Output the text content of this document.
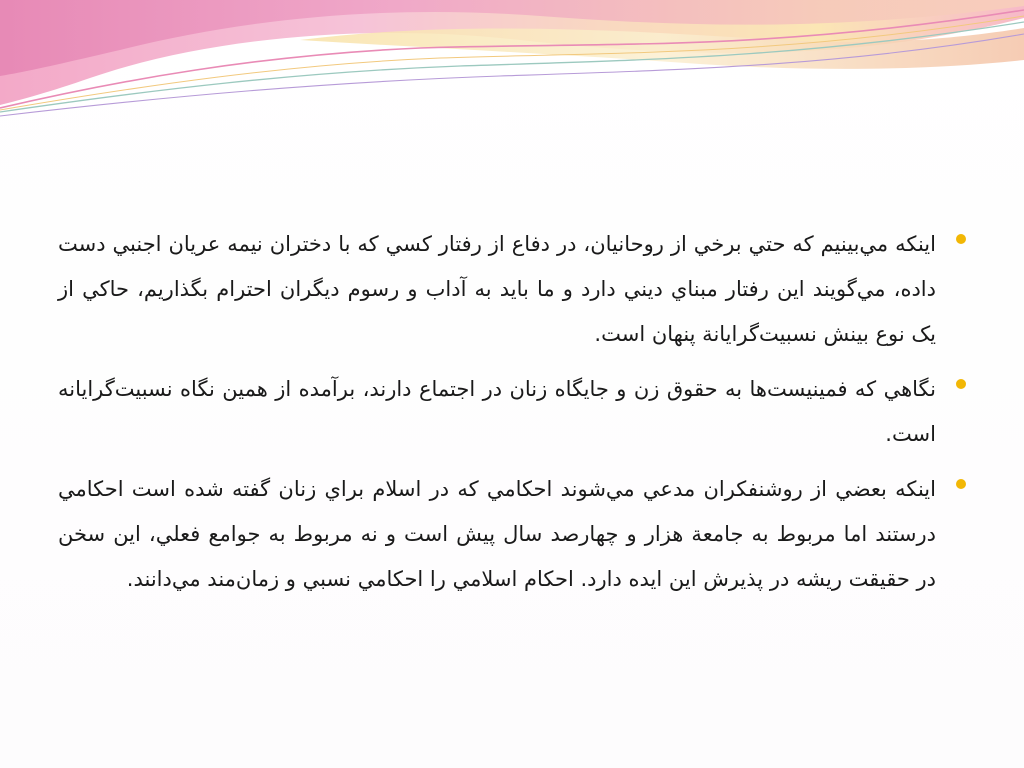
اینکه مي‌بينيم که حتي برخي از روحانيان، در دفاع از رفتار کسي که با دختران نيمه عريان اجنبي دست داده، مي‌گويند اين رفتار مبناي ديني دارد و ما بايد به آداب و رسوم ديگران احترام بگذاريم، حاکي از يک نوع بينش نسبيت‌گرايانة پنهان است.
نگاهي که فمينيست‌ها به حقوق زن و جايگاه زنان در اجتماع دارند، برآمده از همين نگاه نسبيت‌گرايانه است.
اینکه بعضي از روشنفکران مدعي مي‌شوند احکامي که در اسلام براي زنان گفته شده است احکامي درستند اما مربوط به جامعة هزار و چهارصد سال پيش است و نه مربوط به جوامع فعلي، اين سخن در حقيقت ريشه در پذيرش اين ايده دارد. احکام اسلامي را احکامي نسبي و زمان‌مند مي‌دانند.
